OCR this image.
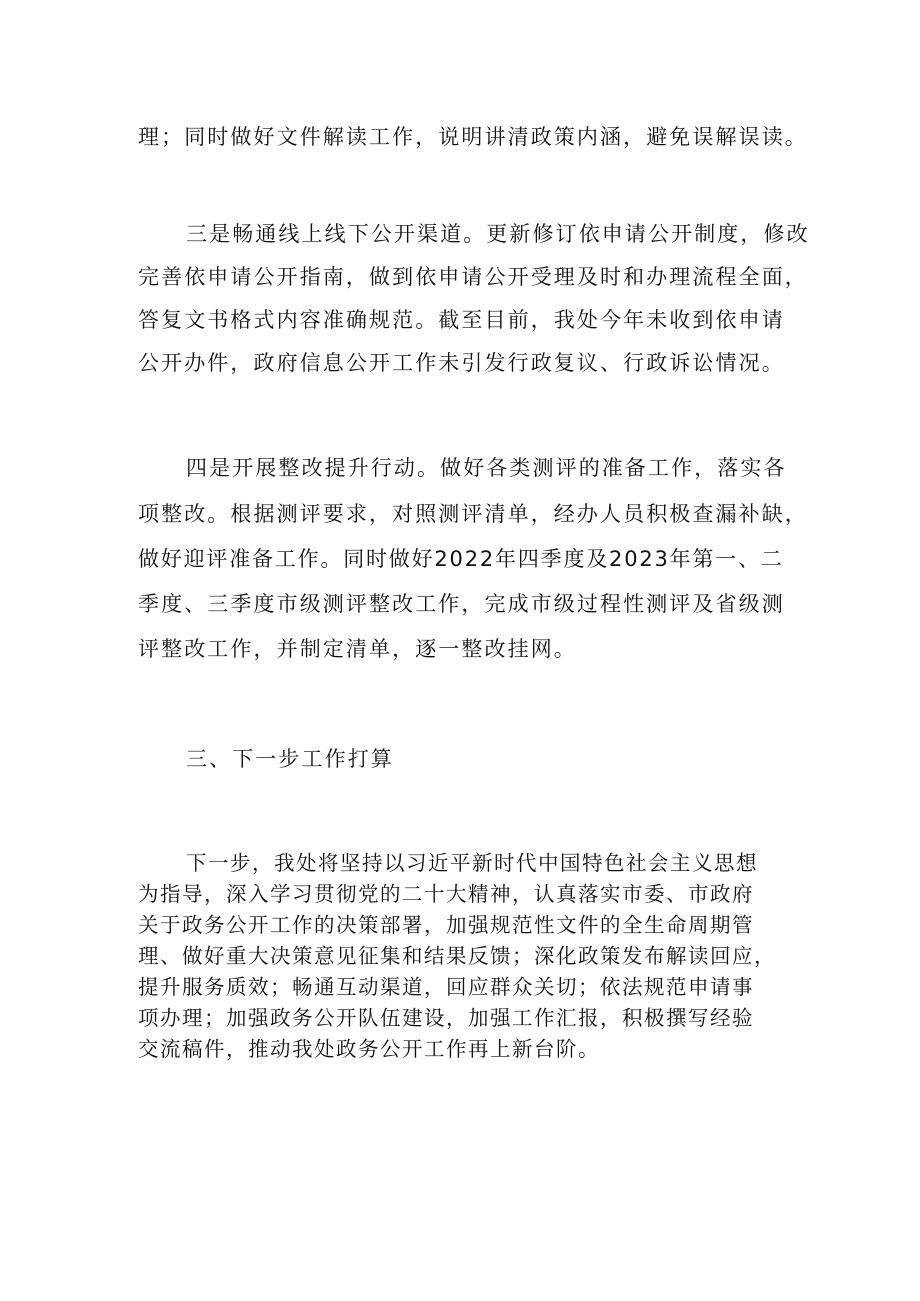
理；同时做好文件解读工作，说明讲清政策内涵，避免误解误读。
三是畅通线上线下公开渠道。更新修订依申请公开制度，修改
完善依申请公开指南，做到依申请公开受理及时和办理流程全面，
答复文书格式内容准确规范。截至目前，我处今年未收到依申请
公开办件，政府信息公开工作未引发行政复议、行政诉讼情况。
四是开展整改提升行动。做好各类测评的准备工作，落实各
项整改。根据测评要求，对照测评清单，经办人员积极查漏补缺，
做好迎评准备工作。同时做好2022年四季度及2023年第一、二
季度、三季度市级测评整改工作，完成市级过程性测评及省级测
评整改工作，并制定清单，逐一整改挂网。
三、下一步工作打算
下一步，我处将坚持以习近平新时代中国特色社会主义思想
为指导，深入学习贯彻党的二十大精神，认真落实市委、市政府
关于政务公开工作的决策部署，加强规范性文件的全生命周期管
理、做好重大决策意见征集和结果反馈；深化政策发布解读回应，
提升服务质效；畅通互动渠道，回应群众关切；依法规范申请事
项办理；加强政务公开队伍建设，加强工作汇报，积极撰写经验
交流稿件，推动我处政务公开工作再上新台阶。
